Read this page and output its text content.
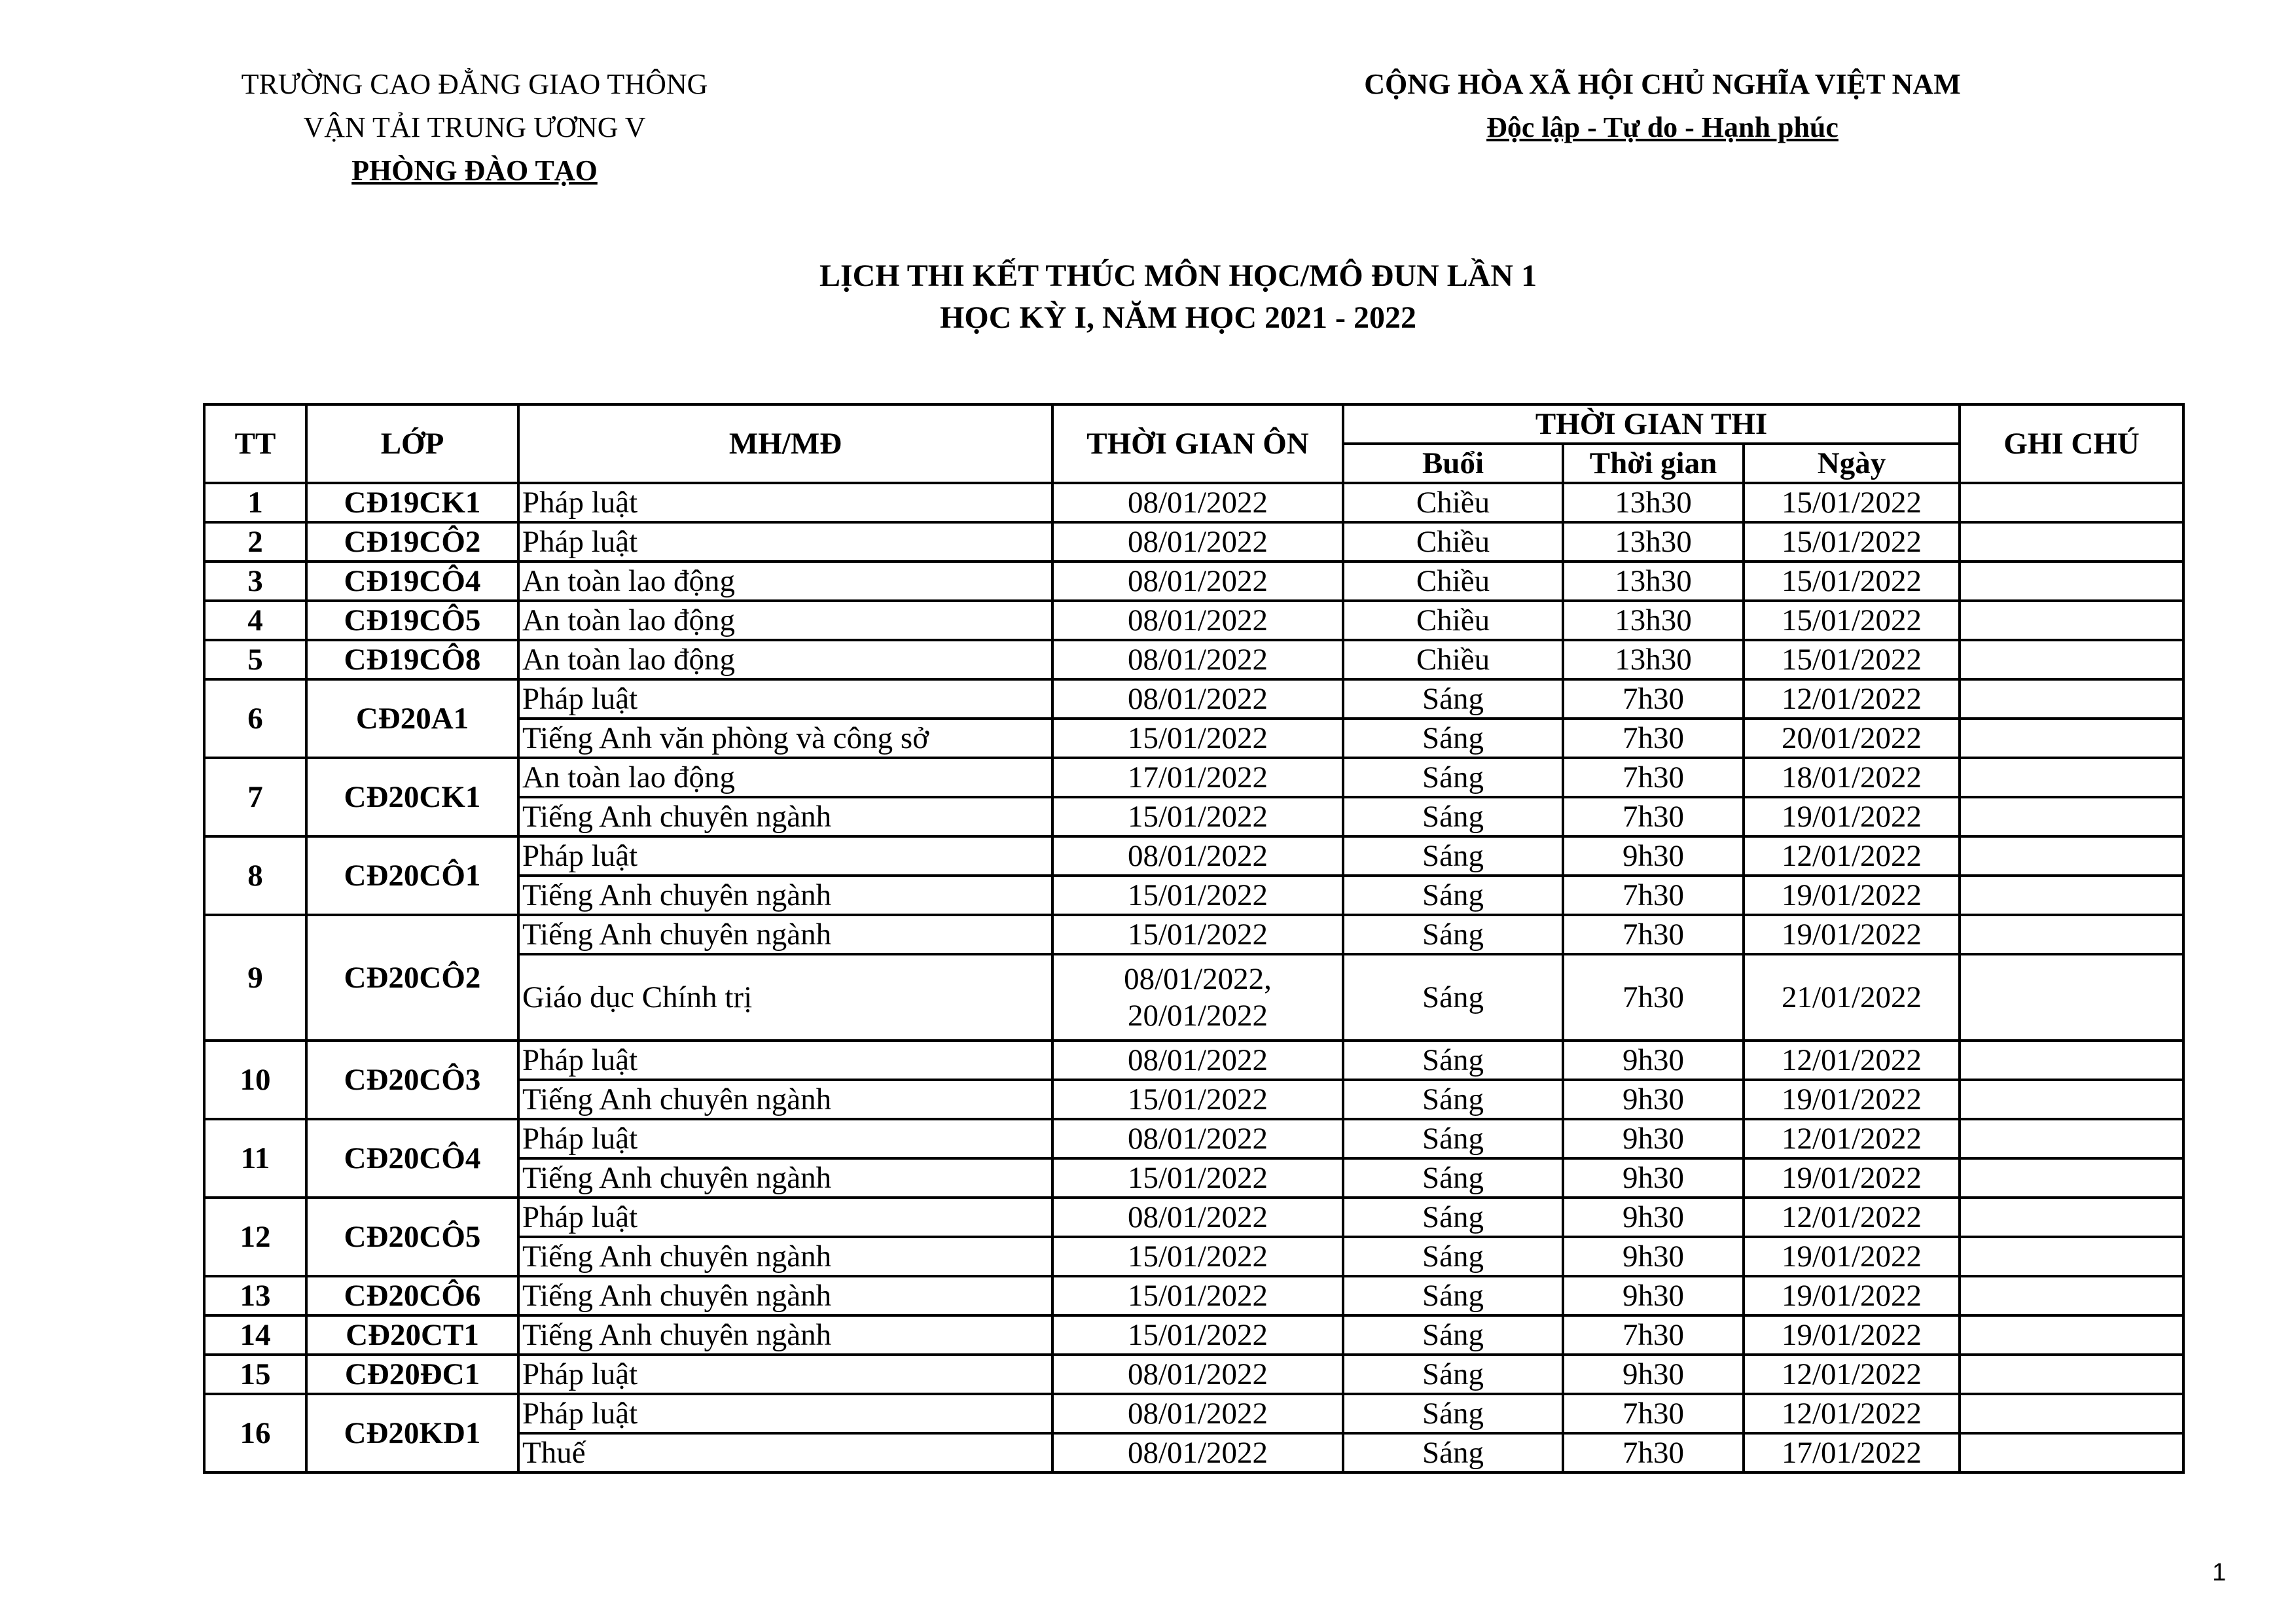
TRƯỜNG CAO ĐẲNG GIAO THÔNG
VẬN TẢI TRUNG ƯƠNG V
PHÒNG ĐÀO TẠO
CỘNG HÒA XÃ HỘI CHỦ NGHĨA VIỆT NAM
Độc lập - Tự do - Hạnh phúc
LỊCH THI KẾT THÚC MÔN HỌC/MÔ ĐUN LẦN 1
HỌC KỲ I, NĂM HỌC 2021 - 2022
TT	LỚP	MH/MĐ	THỜI GIAN ÔN	THỜI GIAN THI			GHI CHÚ
				Buổi	Thời gian	Ngày	
1	CĐ19CK1	Pháp luật	08/01/2022	Chiều	13h30	15/01/2022	
2	CĐ19CÔ2	Pháp luật	08/01/2022	Chiều	13h30	15/01/2022	
3	CĐ19CÔ4	An toàn lao động	08/01/2022	Chiều	13h30	15/01/2022	
4	CĐ19CÔ5	An toàn lao động	08/01/2022	Chiều	13h30	15/01/2022	
5	CĐ19CÔ8	An toàn lao động	08/01/2022	Chiều	13h30	15/01/2022	
6	CĐ20A1	Pháp luật	08/01/2022	Sáng	7h30	12/01/2022	
		Tiếng Anh văn phòng và công sở	15/01/2022	Sáng	7h30	20/01/2022	
7	CĐ20CK1	An toàn lao động	17/01/2022	Sáng	7h30	18/01/2022	
		Tiếng Anh chuyên ngành	15/01/2022	Sáng	7h30	19/01/2022	
8	CĐ20CÔ1	Pháp luật	08/01/2022	Sáng	9h30	12/01/2022	
		Tiếng Anh chuyên ngành	15/01/2022	Sáng	7h30	19/01/2022	
9	CĐ20CÔ2	Tiếng Anh chuyên ngành	15/01/2022	Sáng	7h30	19/01/2022	
		Giáo dục Chính trị	08/01/2022,
20/01/2022	Sáng	7h30	21/01/2022	
10	CĐ20CÔ3	Pháp luật	08/01/2022	Sáng	9h30	12/01/2022	
		Tiếng Anh chuyên ngành	15/01/2022	Sáng	9h30	19/01/2022	
11	CĐ20CÔ4	Pháp luật	08/01/2022	Sáng	9h30	12/01/2022	
		Tiếng Anh chuyên ngành	15/01/2022	Sáng	9h30	19/01/2022	
12	CĐ20CÔ5	Pháp luật	08/01/2022	Sáng	9h30	12/01/2022	
		Tiếng Anh chuyên ngành	15/01/2022	Sáng	9h30	19/01/2022	
13	CĐ20CÔ6	Tiếng Anh chuyên ngành	15/01/2022	Sáng	9h30	19/01/2022	
14	CĐ20CT1	Tiếng Anh chuyên ngành	15/01/2022	Sáng	7h30	19/01/2022	
15	CĐ20ĐC1	Pháp luật	08/01/2022	Sáng	9h30	12/01/2022	
16	CĐ20KD1	Pháp luật	08/01/2022	Sáng	7h30	12/01/2022	
		Thuế	08/01/2022	Sáng	7h30	17/01/2022	
1
